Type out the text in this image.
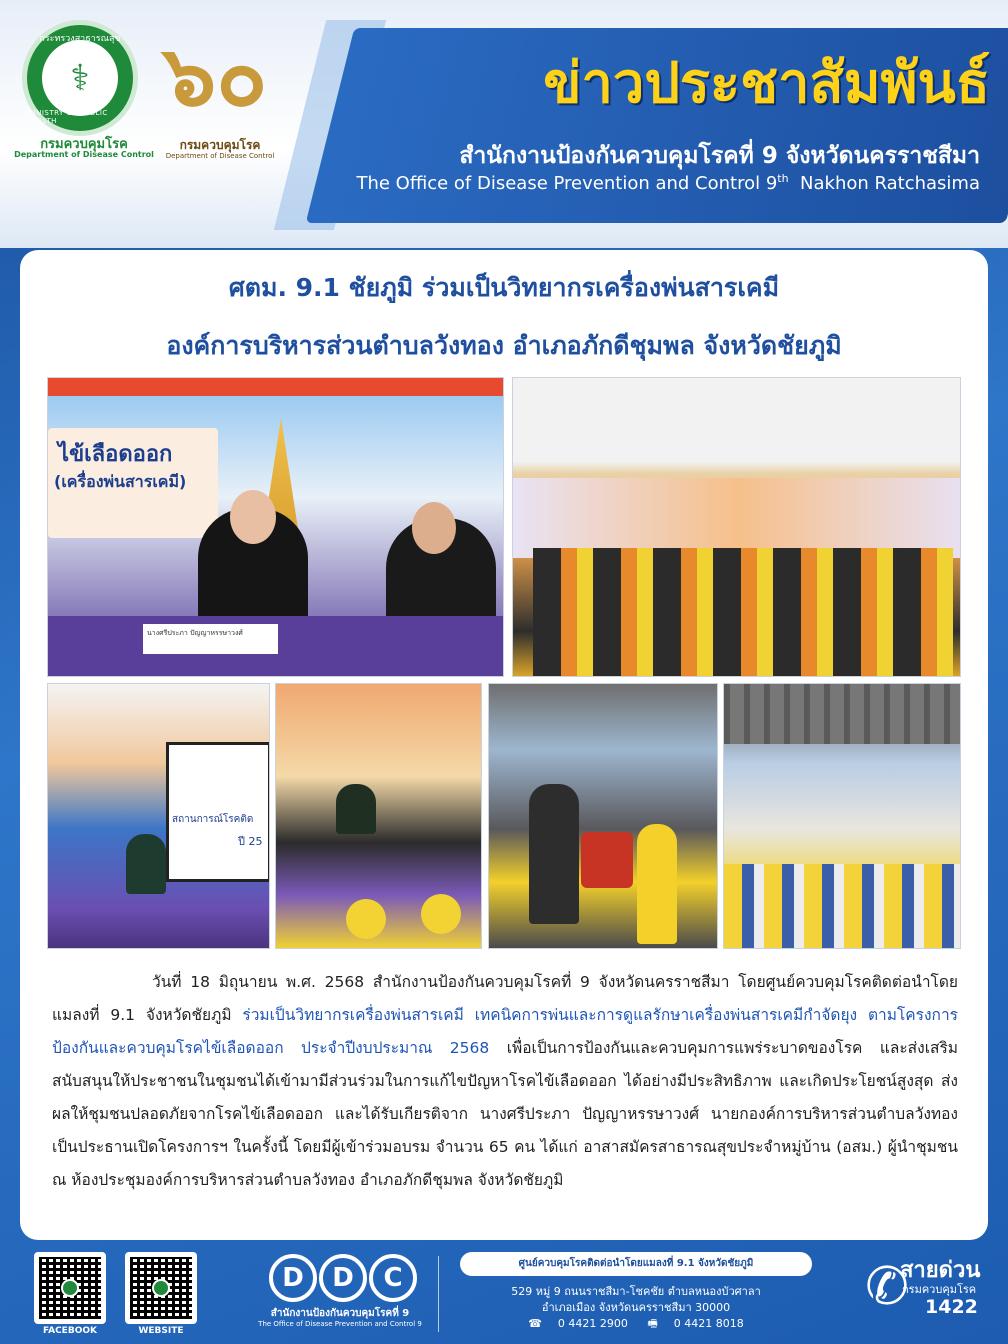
กระทรวงสาธารณสุข
⚕
MINISTRY OF PUBLIC HEALTH
กรมควบคุมโรค
Department of Disease Control
๖๐
กรมควบคุมโรค
Department of Disease Control
ข่าวประชาสัมพันธ์
สำนักงานป้องกันควบคุมโรคที่ 9 จังหวัดนครราชสีมา
The Office of Disease Prevention and Control 9th Nakhon Ratchasima
ศตม. 9.1 ชัยภูมิ ร่วมเป็นวิทยากรเครื่องพ่นสารเคมี
องค์การบริหารส่วนตำบลวังทอง อำเภอภักดีชุมพล จังหวัดชัยภูมิ
ไข้เลือดออก
(เครื่องพ่นสารเคมี)
นางศรีประภา ปัญญาหรรษาวงศ์
สถานการณ์โรคติด
ปี 25
วันที่ 18 มิถุนายน พ.ศ. 2568 สำนักงานป้องกันควบคุมโรคที่ 9 จังหวัดนครราชสีมา โดยศูนย์ควบคุมโรคติดต่อนำโดยแมลงที่ 9.1 จังหวัดชัยภูมิ ร่วมเป็นวิทยากรเครื่องพ่นสารเคมี เทคนิคการพ่นและการดูแลรักษาเครื่องพ่นสารเคมีกำจัดยุง ตามโครงการป้องกันและควบคุมโรคไข้เลือดออก ประจำปีงบประมาณ 2568 เพื่อเป็นการป้องกันและควบคุมการแพร่ระบาดของโรค และส่งเสริมสนับสนุนให้ประชาชนในชุมชนได้เข้ามามีส่วนร่วมในการแก้ไขปัญหาโรคไข้เลือดออก ได้อย่างมีประสิทธิภาพ และเกิดประโยชน์สูงสุด ส่งผลให้ชุมชนปลอดภัยจากโรคไข้เลือดออก และได้รับเกียรติจาก นางศรีประภา ปัญญาหรรษาวงศ์ นายกองค์การบริหารส่วนตำบลวังทอง เป็นประธานเปิดโครงการฯ ในครั้งนี้ โดยมีผู้เข้าร่วมอบรม จำนวน 65 คน ได้แก่ อาสาสมัครสาธารณสุขประจำหมู่บ้าน (อสม.) ผู้นำชุมชน ณ ห้องประชุมองค์การบริหารส่วนตำบลวังทอง อำเภอภักดีชุมพล จังหวัดชัยภูมิ
FACEBOOK	WEBSITE
D	D	C
สำนักงานป้องกันควบคุมโรคที่ 9
The Office of Disease Prevention and Control 9
ศูนย์ควบคุมโรคติดต่อนำโดยแมลงที่ 9.1 จังหวัดชัยภูมิ
529 หมู่ 9 ถนนราชสีมา-โชคชัย ตำบลหนองบัวศาลา
อำเภอเมือง จังหวัดนครราชสีมา 30000
☎ 0 4421 2900 🖷 0 4421 8018
✆
สายด่วน
กรมควบคุมโรค
1422
